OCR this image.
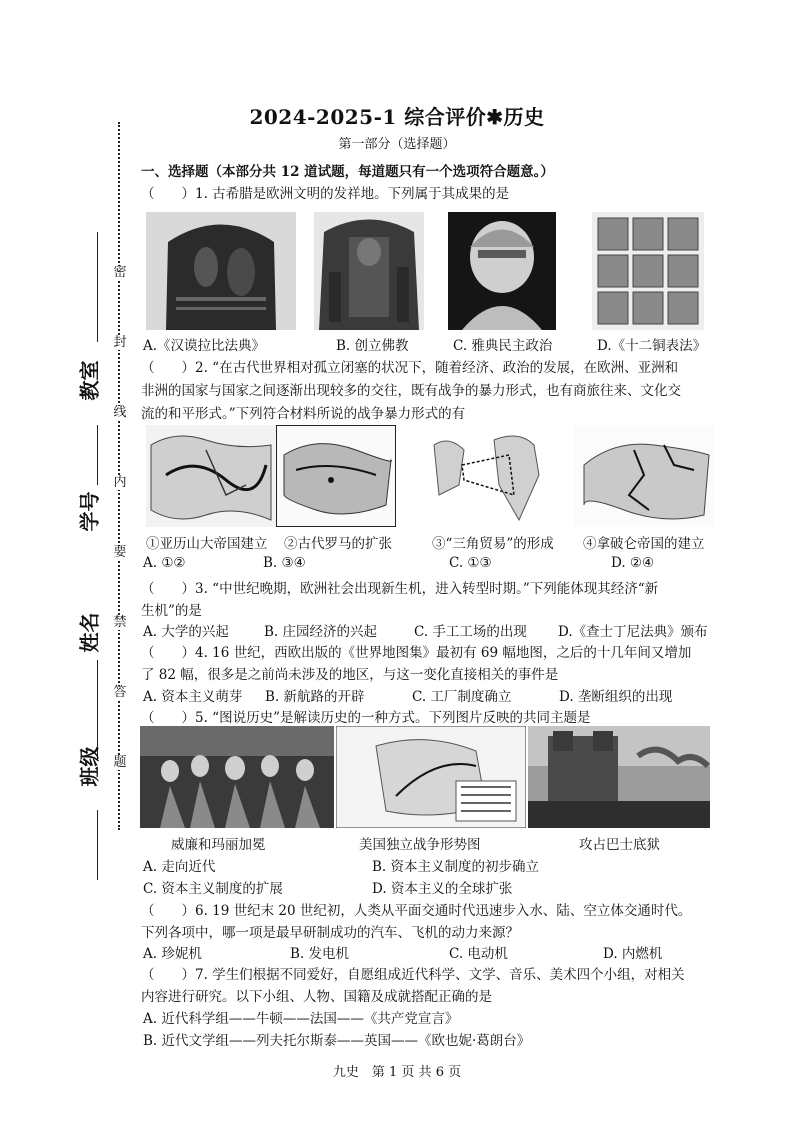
密
封
线
内
要
禁
答
题
教室
学号
姓名
班级
2024-2025-1 综合评价✱历史
第一部分（选择题）
一、选择题（本部分共 12 道试题，每道题只有一个选项符合题意。）
（　　）1. 古希腊是欧洲文明的发祥地。下列属于其成果的是
A.《汉谟拉比法典》	B. 创立佛教	C. 雅典民主政治	D.《十二铜表法》
（　　）2. “在古代世界相对孤立闭塞的状况下，随着经济、政治的发展，在欧洲、亚洲和
非洲的国家与国家之间逐渐出现较多的交往，既有战争的暴力形式，也有商旅往来、文化交
流的和平形式。”下列符合材料所说的战争暴力形式的有
①亚历山大帝国建立 ②古代罗马的扩张	③“三角贸易”的形成 ④拿破仑帝国的建立
A. ①②	B. ③④	C. ①③	D. ②④
（　　）3. “中世纪晚期，欧洲社会出现新生机，进入转型时期。”下列能体现其经济“新
生机”的是
A. 大学的兴起	B. 庄园经济的兴起	C. 手工工场的出现 D.《查士丁尼法典》颁布
（　　）4. 16 世纪，西欧出版的《世界地图集》最初有 69 幅地图，之后的十几年间又增加
了 82 幅，很多是之前尚未涉及的地区，与这一变化直接相关的事件是
A. 资本主义萌芽 B. 新航路的开辟	C. 工厂制度确立	D. 垄断组织的出现
（　　）5. “图说历史”是解读历史的一种方式。下列图片反映的共同主题是
威廉和玛丽加冕	美国独立战争形势图	攻占巴士底狱
A. 走向近代	B. 资本主义制度的初步确立
C. 资本主义制度的扩展	D. 资本主义的全球扩张
（　　）6. 19 世纪末 20 世纪初，人类从平面交通时代迅速步入水、陆、空立体交通时代。
下列各项中，哪一项是最早研制成功的汽车、飞机的动力来源？
A. 珍妮机	B. 发电机	C. 电动机	D. 内燃机
（　　）7. 学生们根据不同爱好，自愿组成近代科学、文学、音乐、美术四个小组，对相关
内容进行研究。以下小组、人物、国籍及成就搭配正确的是
A. 近代科学组——牛顿——法国——《共产党宣言》
B. 近代文学组——列夫托尔斯泰——英国——《欧也妮·葛朗台》
九史　第 1 页 共 6 页
